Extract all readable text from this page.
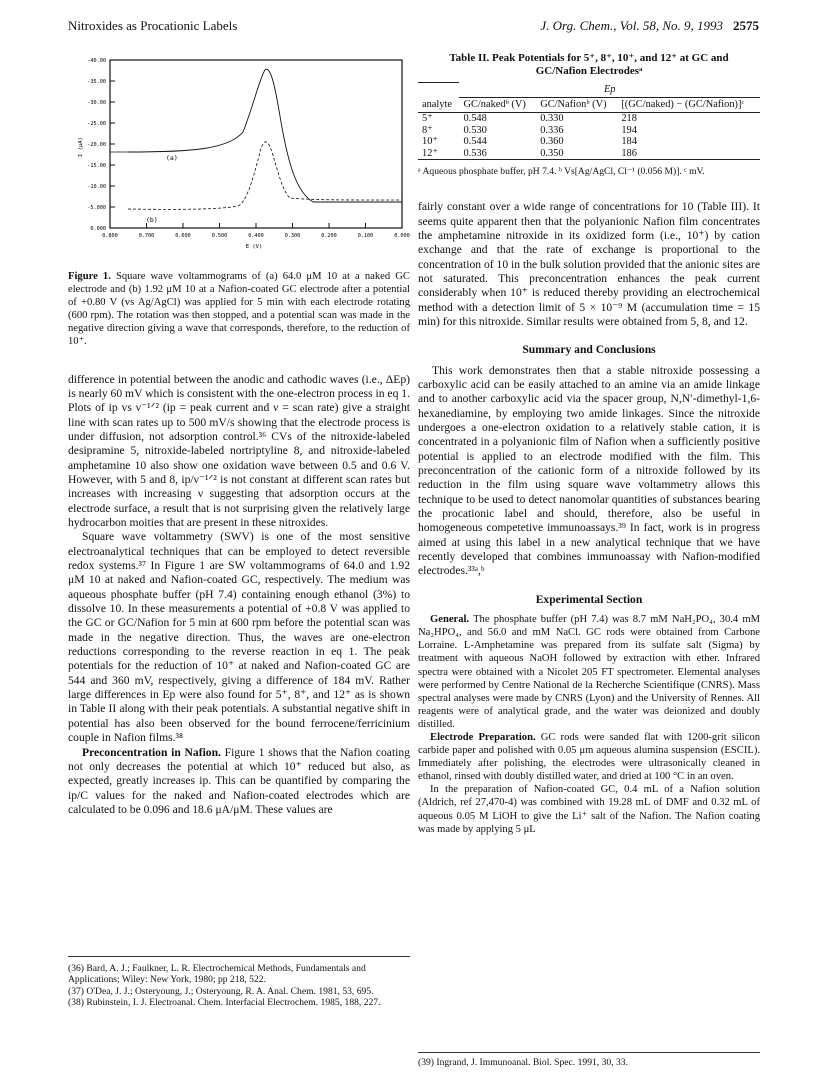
Nitroxides as Procationic Labels	J. Org. Chem., Vol. 58, No. 9, 1993 2575
-40.00
-35.00
-30.00
-25.00
-20.00
-15.00
-10.00
-5.000
0.000
0.800	0.700	0.600	0.500	0.400	0.300	0.200	0.100	0.000
(a)
(b)
E (V)
I (µA)
Figure 1. Square wave voltammograms of (a) 64.0 μM 10 at a naked GC electrode and (b) 1.92 μM 10 at a Nafion-coated GC electrode after a potential of +0.80 V (vs Ag/AgCl) was applied for 5 min with each electrode rotating (600 rpm). The rotation was then stopped, and a potential scan was made in the negative direction giving a wave that corresponds, therefore, to the reduction of 10⁺.

difference in potential between the anodic and cathodic waves (i.e., ΔEp) is nearly 60 mV which is consistent with the one-electron process in eq 1. Plots of ip vs ν⁻¹ᐟ² (ip = peak current and ν = scan rate) give a straight line with scan rates up to 500 mV/s showing that the electrode process is under diffusion, not adsorption control.³⁶ CVs of the nitroxide-labeled desipramine 5, nitroxide-labeled nortriptyline 8, and nitroxide-labeled amphetamine 10 also show one oxidation wave between 0.5 and 0.6 V. However, with 5 and 8, ip/ν⁻¹ᐟ² is not constant at different scan rates but increases with increasing ν suggesting that adsorption occurs at the electrode surface, a result that is not surprising given the relatively large hydrocarbon moities that are present in these nitroxides.

Square wave voltammetry (SWV) is one of the most sensitive electroanalytical techniques that can be employed to detect reversible redox systems.³⁷ In Figure 1 are SW voltammograms of 64.0 and 1.92 μM 10 at naked and Nafion-coated GC, respectively. The medium was aqueous phosphate buffer (pH 7.4) containing enough ethanol (3%) to dissolve 10. In these measurements a potential of +0.8 V was applied to the GC or GC/Nafion for 5 min at 600 rpm before the potential scan was made in the negative direction. Thus, the waves are one-electron reductions corresponding to the reverse reaction in eq 1. The peak potentials for the reduction of 10⁺ at naked and Nafion-coated GC are 544 and 360 mV, respectively, giving a difference of 184 mV. Rather large differences in Ep were also found for 5⁺, 8⁺, and 12⁺ as is shown in Table II along with their peak potentials. A substantial negative shift in potential has also been observed for the bound ferrocene/ferricinium couple in Nafion films.³⁸

Preconcentration in Nafion. Figure 1 shows that the Nafion coating not only decreases the potential at which 10⁺ reduced but also, as expected, greatly increases ip. This can be quantified by comparing the ip/C values for the naked and Nafion-coated electrodes which are calculated to be 0.096 and 18.6 μA/μM. These values are

(36) Bard, A. J.; Faulkner, L. R. Electrochemical Methods, Fundamentals and Applications; Wiley: New York, 1980; pp 218, 522.

(37) O'Dea, J. J.; Osteryoung, J.; Osteryoung, R. A. Anal. Chem. 1981, 53, 695.

(38) Rubinstein, I. J. Electroanal. Chem. Interfacial Electrochem. 1985, 188, 227.

Table II. Peak Potentials for 5⁺, 8⁺, 10⁺, and 12⁺ at GC and
GC/Nafion Electrodesᵃ
	Ep		
analyte	GC/nakedᵇ (V)	GC/Nafionᵇ (V)	[(GC/naked) − (GC/Nafion)]ᶜ
5⁺	0.548	0.330	218
8⁺	0.530	0.336	194
10⁺	0.544	0.360	184
12⁺	0.536	0.350	186
ᵃ Aqueous phosphate buffer, pH 7.4. ᵇ Vs[Ag/AgCl, Cl⁻¹ (0.056 M)]. ᶜ mV.

fairly constant over a wide range of concentrations for 10 (Table III). It seems quite apparent then that the polyanionic Nafion film concentrates the amphetamine nitroxide in its oxidized form (i.e., 10⁺) by cation exchange and that the rate of exchange is proportional to the concentration of 10 in the bulk solution provided that the anionic sites are not saturated. This preconcentration enhances the peak current considerably when 10⁺ is reduced thereby providing an electrochemical method with a detection limit of 5 × 10⁻⁹ M (accumulation time = 15 min) for this nitroxide. Similar results were obtained from 5, 8, and 12.

Summary and Conclusions

This work demonstrates then that a stable nitroxide possessing a carboxylic acid can be easily attached to an amine via an amide linkage and to another carboxylic acid via the spacer group, N,N′-dimethyl-1,6-hexanediamine, by employing two amide linkages. Since the nitroxide undergoes a one-electron oxidation to a relatively stable cation, it is concentrated in a polyanionic film of Nafion when a sufficiently positive potential is applied to an electrode modified with the film. This preconcentration of the cationic form of a nitroxide followed by its reduction in the film using square wave voltammetry allows this technique to be used to detect nanomolar quantities of substances bearing the procationic label and should, therefore, also be useful in homogeneous competetive immunoassays.³⁹ In fact, work is in progress aimed at using this label in a new analytical technique that we have recently developed that combines immunoassay with Nafion-modified electrodes.³³ᵃ,ᵇ

Experimental Section

General. The phosphate buffer (pH 7.4) was 8.7 mM NaH₂PO₄, 30.4 mM Na₂HPO₄, and 56.0 and mM NaCl. GC rods were obtained from Carbone Lorraine. L-Amphetamine was prepared from its sulfate salt (Sigma) by treatment with aqueous NaOH followed by extraction with ether. Infrared spectra were obtained with a Nicolet 205 FT spectrometer. Elemental analyses were performed by Centre National de la Recherche Scientifique (CNRS). Mass spectral analyses were made by CNRS (Lyon) and the University of Rennes. All reagents were of analytical grade, and the water was deionized and doubly distilled.

Electrode Preparation. GC rods were sanded flat with 1200-grit silicon carbide paper and polished with 0.05 μm aqueous alumina suspension (ESCIL). Immediately after polishing, the electrodes were ultrasonically cleaned in ethanol, rinsed with doubly distilled water, and dried at 100 °C in an oven.

In the preparation of Nafion-coated GC, 0.4 mL of a Nafion solution (Aldrich, ref 27,470-4) was combined with 19.28 mL of DMF and 0.32 mL of aqueous 0.05 M LiOH to give the Li⁺ salt of the Nafion. The Nafion coating was made by applying 5 μL

(39) Ingrand, J. Immunoanal. Biol. Spec. 1991, 30, 33.
